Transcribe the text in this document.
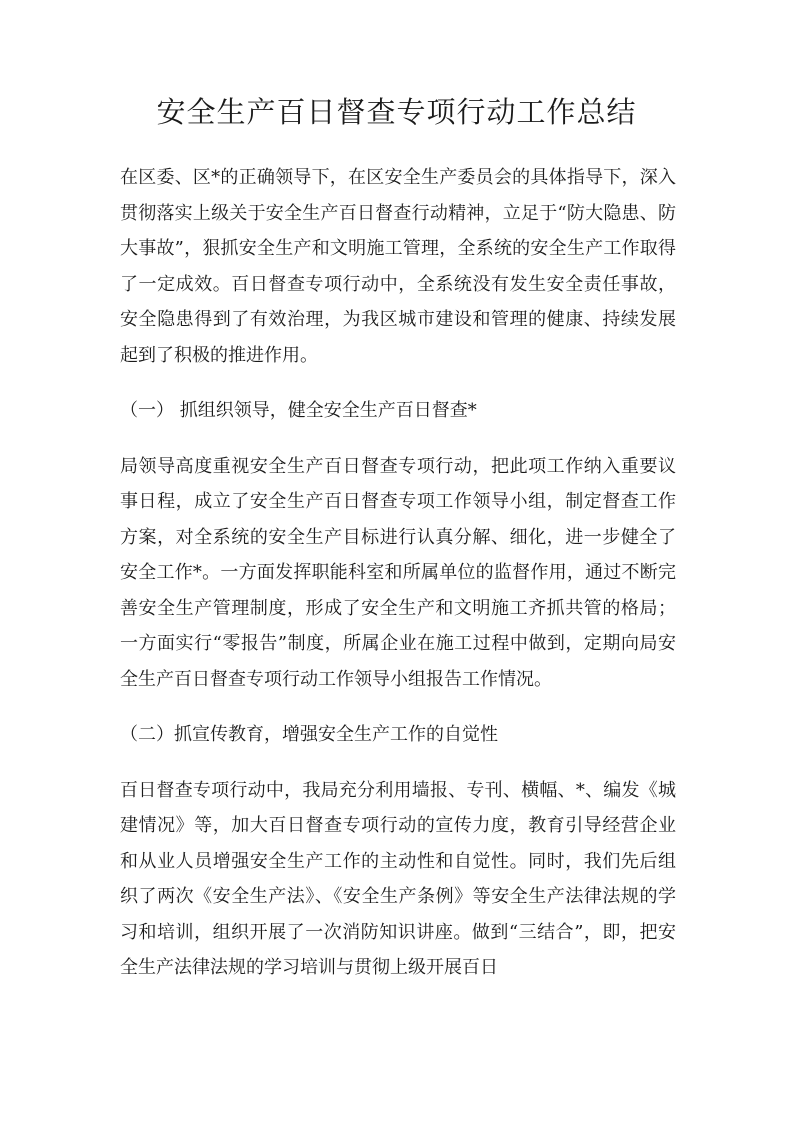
安全生产百日督查专项行动工作总结

在区委、区*的正确领导下，在区安全生产委员会的具体指导下，深入贯彻落实上级关于安全生产百日督查行动精神，立足于“防大隐患、防大事故”，狠抓安全生产和文明施工管理，全系统的安全生产工作取得了一定成效。百日督查专项行动中，全系统没有发生安全责任事故，安全隐患得到了有效治理，为我区城市建设和管理的健康、持续发展起到了积极的推进作用。

（一） 抓组织领导，健全安全生产百日督查*

局领导高度重视安全生产百日督查专项行动，把此项工作纳入重要议事日程，成立了安全生产百日督查专项工作领导小组，制定督查工作方案，对全系统的安全生产目标进行认真分解、细化，进一步健全了安全工作*。一方面发挥职能科室和所属单位的监督作用，通过不断完善安全生产管理制度，形成了安全生产和文明施工齐抓共管的格局；一方面实行“零报告”制度，所属企业在施工过程中做到，定期向局安全生产百日督查专项行动工作领导小组报告工作情况。

（二）抓宣传教育，增强安全生产工作的自觉性

百日督查专项行动中，我局充分利用墙报、专刊、横幅、*、编发《城建情况》等，加大百日督查专项行动的宣传力度，教育引导经营企业和从业人员增强安全生产工作的主动性和自觉性。同时，我们先后组织了两次《安全生产法》、《安全生产条例》等安全生产法律法规的学习和培训，组织开展了一次消防知识讲座。做到“三结合”，即，把安全生产法律法规的学习培训与贯彻上级开展百日
